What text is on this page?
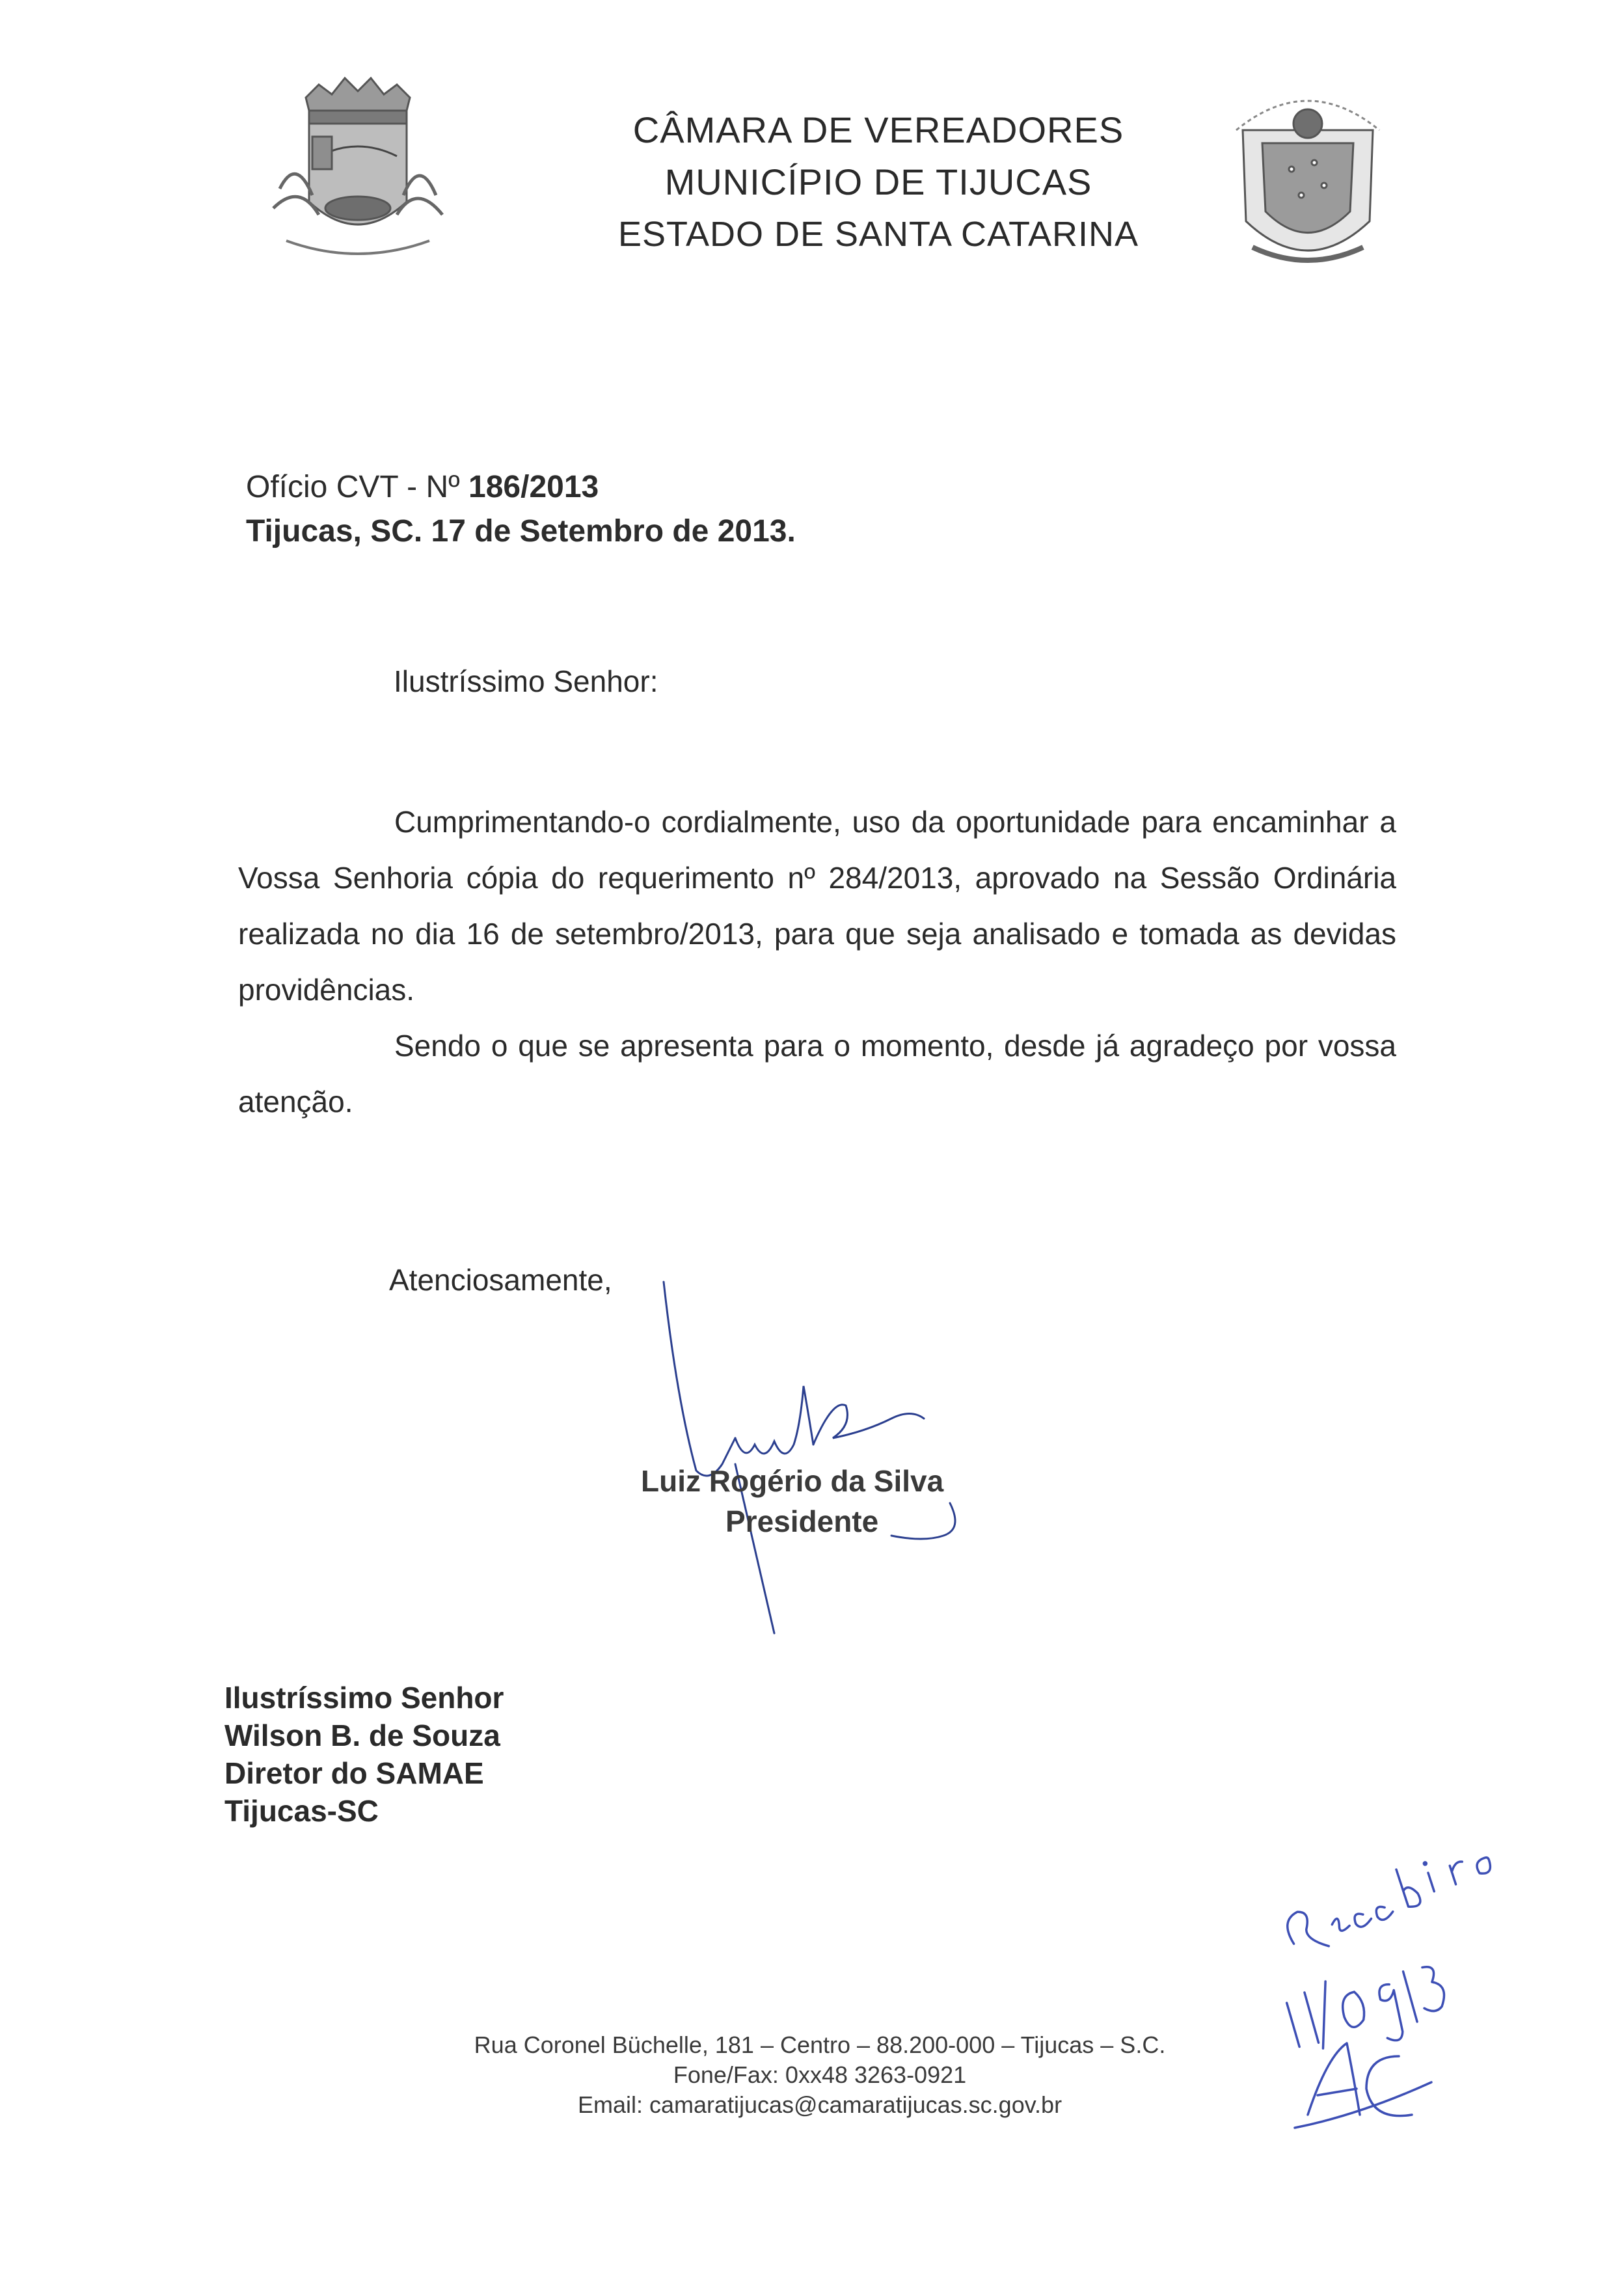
CÂMARA DE VEREADORES
MUNICÍPIO DE TIJUCAS
ESTADO DE SANTA CATARINA
Ofício CVT - Nº 186/2013
Tijucas, SC. 17 de Setembro de 2013.
Ilustríssimo Senhor:

Cumprimentando-o cordialmente, uso da oportunidade para encaminhar a Vossa Senhoria cópia do requerimento nº 284/2013, aprovado na Sessão Ordinária realizada no dia 16 de setembro/2013, para que seja analisado e tomada as devidas providências.

Sendo o que se apresenta para o momento, desde já agradeço por vossa atenção.

Atenciosamente,
Luiz Rogério da Silva
Presidente
Ilustríssimo Senhor
Wilson B. de Souza
Diretor do SAMAE
Tijucas-SC
Rua Coronel Büchelle, 181 – Centro – 88.200-000 – Tijucas – S.C.
Fone/Fax: 0xx48 3263-0921
Email: camaratijucas@camaratijucas.sc.gov.br
